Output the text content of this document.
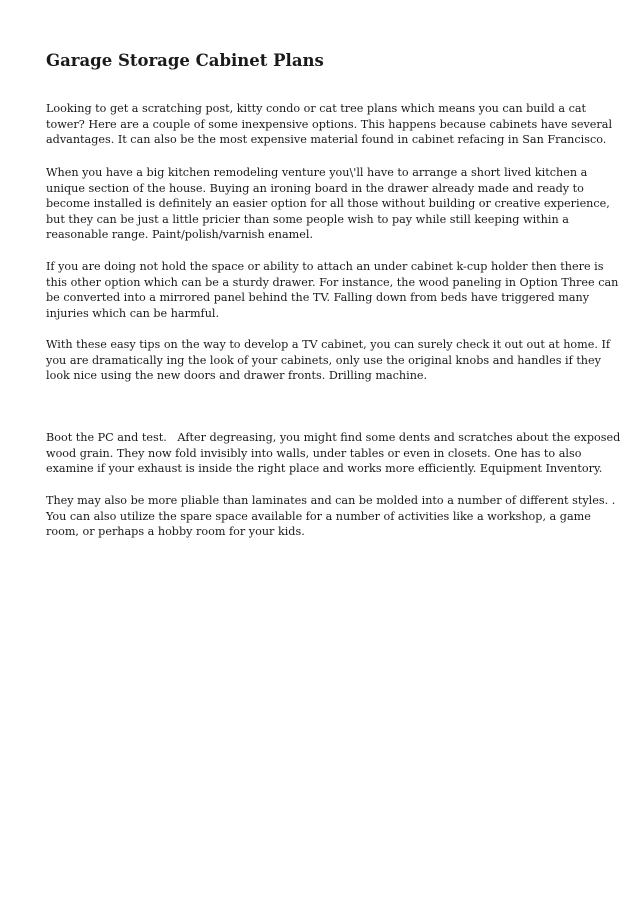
Garage Storage Cabinet Plans

Looking to get a scratching post, kitty condo or cat tree plans which means you can build a cat
tower? Here are a couple of some inexpensive options. This happens because cabinets have several
advantages. It can also be the most expensive material found in cabinet refacing in San Francisco.

When you have a big kitchen remodeling venture you\'ll have to arrange a short lived kitchen a
unique section of the house. Buying an ironing board in the drawer already made and ready to
become installed is definitely an easier option for all those without building or creative experience,
but they can be just a little pricier than some people wish to pay while still keeping within a
reasonable range. Paint/polish/varnish enamel.

If you are doing not hold the space or ability to attach an under cabinet k-cup holder then there is
this other option which can be a sturdy drawer. For instance, the wood paneling in Option Three can
be converted into a mirrored panel behind the TV. Falling down from beds have triggered many
injuries which can be harmful.

With these easy tips on the way to develop a TV cabinet, you can surely check it out out at home. If
you are dramatically ing the look of your cabinets, only use the original knobs and handles if they
look nice using the new doors and drawer fronts. Drilling machine.

Boot the PC and test.   After degreasing, you might find some dents and scratches about the exposed
wood grain. They now fold invisibly into walls, under tables or even in closets. One has to also
examine if your exhaust is inside the right place and works more efficiently. Equipment Inventory.

They may also be more pliable than laminates and can be molded into a number of different styles. .
You can also utilize the spare space available for a number of activities like a workshop, a game
room, or perhaps a hobby room for your kids.
